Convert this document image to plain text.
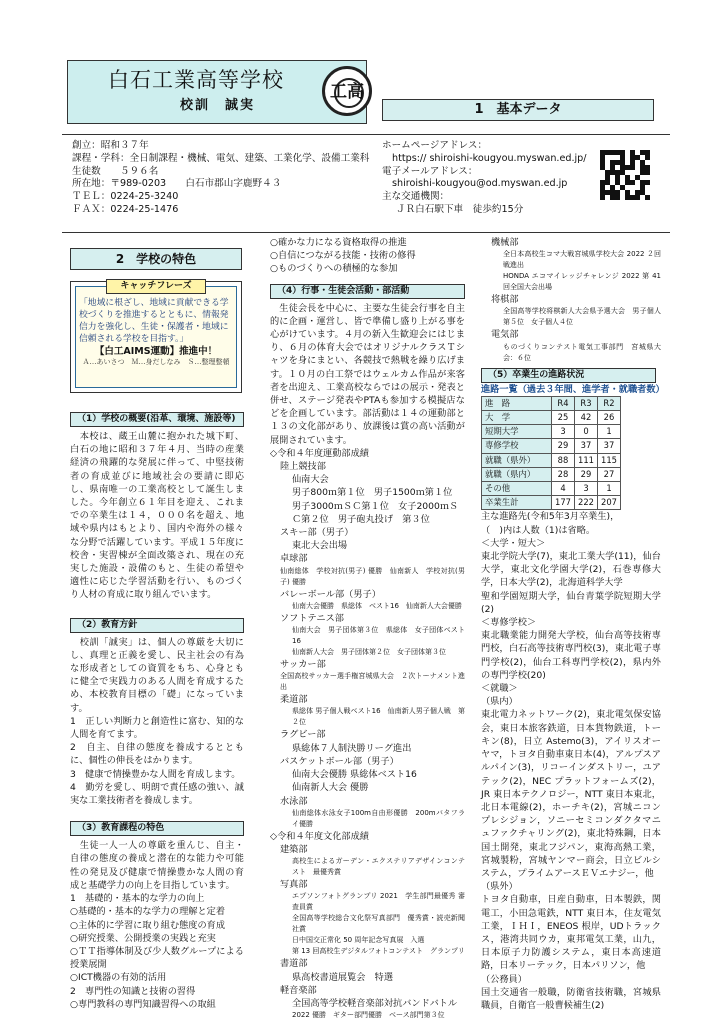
白石工業高等学校
校訓　誠実
工高
1　基本データ
創立：昭和３７年
課程・学科：全日制課程・機械、電気、建築、工業化学、設備工業科
生徒数　　５９６名
所在地：〒989-0203　　白石市郡山字鹿野４３
ＴＥＬ：0224-25-3240
ＦＡＸ：0224-25-1476
ホームページアドレス：
https:// shiroishi-kougyou.myswan.ed.jp/
電子メールアドレス：
shiroishi-kougyou@od.myswan.ed.jp
主な交通機関：
ＪＲ白石駅下車　徒歩約15分
2　学校の特色
キャッチフレーズ
「地域に根ざし、地域に貢献できる学校づくりを推進するとともに、情報発信力を強化し、生徒・保護者・地域に信頼される学校を目指す。」
【白工AIMS運動】推進中！
Ａ…あいさつ　Ｍ…身だしなみ　Ｓ…整理整頓
（1）学校の概要(沿革、環境、施設等)
　本校は、蔵王山麓に抱かれた城下町、白石の地に昭和３７年４月、当時の産業経済の飛躍的な発展に伴って、中堅技術者の育成並びに地域社会の要請に即応し、県南唯一の工業高校として誕生しました。今年創立６１年目を迎え、これまでの卒業生は１４，０００名を超え、地域や県内はもとより、国内や海外の様々な分野で活躍しています。平成１５年度に校舎・実習棟が全面改築され、現在の充実した施設・設備のもと、生徒の希望や適性に応じた学習活動を行い、ものづくり人材の育成に取り組んでいます。
（2）教育方針
　校訓「誠実」は、個人の尊厳を大切にし、真理と正義を愛し、民主社会の有為な形成者としての資質をもち、心身ともに健全で実践力のある人間を育成するため、本校教育目標の「礎」になっています。
1　正しい判断力と創造性に富む、知的な人間を育てます。
2　自主、自律の態度を養成するとともに、個性の伸長をはかります。
3　健康で情操豊かな人間を育成します。
4　勤労を愛し、明朗で責任感の強い、誠実な工業技術者を養成します。
（3）教育課程の特色
　生徒一人一人の尊厳を重んじ、自主・自律の態度の養成と潜在的な能力や可能性の発見及び健康で情操豊かな人間の育成と基礎学力の向上を目指しています。
1　基礎的・基本的な学力の向上
○基礎的・基本的な学力の理解と定着
○主体的に学習に取り組む態度の育成
○研究授業、公開授業の実践と充実
○ＴＴ指導体制及び少人数グループによる授業展開
○ICT機器の有効的活用
2　専門性の知識と技術の習得
○専門教科の専門知識習得への取組
○確かな力になる資格取得の推進
○自信につながる技能・技術の修得
○ものづくりへの積極的な参加
（4）行事・生徒会活動・部活動
　生徒会長を中心に、主要な生徒会行事を自主的に企画・運営し、皆で準備し盛り上がる事を心がけています。４月の新入生歓迎会にはじまり、６月の体育大会ではオリジナルクラスＴシャツを身にまとい、各競技で熱戦を繰り広げます。１０月の白工祭ではウェルカム作品が来客者を出迎え、工業高校ならではの展示・発表と併せ、ステージ発表やPTAも参加する模擬店などを企画しています。部活動は１４の運動部と１３の文化部があり、放課後は賞の高い活動が展開されています。
◇令和４年度運動部成績
陸上競技部
仙南大会
男子800ｍ第１位　男子1500ｍ第１位
男子3000ｍＳＣ第１位　女子2000ｍＳ
Ｃ第２位　男子砲丸投げ　第３位
スキー部（男子）
東北大会出場
卓球部
仙南総体　学校対抗(男子) 優勝　仙南新人　学校対抗(男子) 優勝
バレーボール部（男子）
仙南大会優勝　県総体　ベスト16　仙南新人大会優勝
ソフトテニス部
仙南大会　男子団体第３位　県総体　女子団体ベスト16
仙南新人大会　男子団体第２位　女子団体第３位
サッカー部
全国高校サッカー選手権宮城県大会　２次トーナメント進出
柔道部
県総体 男子個人戦ベスト16　仙南新人男子個人戦　第２位
ラグビー部
県総体７人制決勝リーグ進出
バスケットボール部（男子）
仙南大会優勝 県総体ベスト16
仙南新人大会 優勝
水泳部
仙南総体水泳女子100m自由形優勝　200mバタフライ優勝
◇令和４年度文化部成績
建築部
高校生によるガーデン・エクステリアデザインコンテスト　最優秀賞
写真部
エプソンフォトグランプリ 2021　学生部門最優秀 審査員賞
全国高等学校総合文化祭写真部門　優秀賞・読売新聞社賞
日中国交正常化 50 周年記念写真展　入選
第 13 回高校生デジタルフォトコンテスト　グランプリ
書道部
県高校書道展覧会　特選
軽音楽部
全国高等学校軽音楽部対抗バンドバトル
2022 優勝　ギター部門優勝　ベース部門第３位
機械部
全日本高校生コマ大戦宮城県学校大会 2022 ２回戦進出
HONDA エコマイレッジチャレンジ 2022 第 41 回全国大会出場
将棋部
全国高等学校将棋新人大会県予選大会　男子個人　第５位　女子個人４位
電気部
ものづくりコンテスト電気工事部門　宮城県大会：６位
（5）卒業生の進路状況
進路一覧（過去３年間、進学者・就職者数）
進　路	R4	R3	R2
大　学	25	42	26
短期大学	3	0	1
専修学校	29	37	37
就職（県外）	88	111	115
就職（県内）	28	29	27
その他	4	3	1
卒業生計	177	222	207
主な進路先(令和5年3月卒業生)，
（　)内は人数（1)は省略。
＜大学・短大＞
東北学院大学(7)，東北工業大学(11)，仙台大学，東北文化学園大学(2)，石巻専修大学，日本大学(2)，北海道科学大学
聖和学園短期大学，仙台青葉学院短期大学(2)
＜専修学校＞
東北職業能力開発大学校，仙台高等技術専門校，白石高等技術専門校(3)，東北電子専門学校(2)，仙台工科専門学校(2)，県内外の専門学校(20)
＜就職＞
（県内）
東北電力ネットワーク(2)，東北電気保安協会，東日本旅客鉄道，日本貨物鉄道，トーキン(8)，日立 Astemo(3)，アイリスオーヤマ，トヨタ自動車東日本(4)，アルプスアルパイン(3)，リコーインダストリー，ユアテック(2)，NEC プラットフォームズ(2)，JR 東日本テクノロジー，NTT 東日本東北，北日本電線(2)，ホーチキ(2)，宮城ニコンプレシジョン，ソニーセミコンダクタマニュファクチャリング(2)，東北特殊鋼，日本国土開発，東北フジパン，東海高熱工業，宮城製粉，宮城ヤンマー商会，日立ビルシステム，プライムアースＥＶエナジー，他
（県外）
トヨタ自動車，日産自動車，日本製鉄，関電工，小田急電鉄，NTT 東日本，住友電気工業，ＩＨＩ，ENEOS 根岸，UDトラックス，港湾共同ウカ，東邦電気工業，山九，日本原子力防護システム，東日本高速道路，日本リーテック，日本パリソン，他
（公務員）
国土交通省一般職，防衛省技術職，宮城県職員，自衛官一般曹候補生(2)
